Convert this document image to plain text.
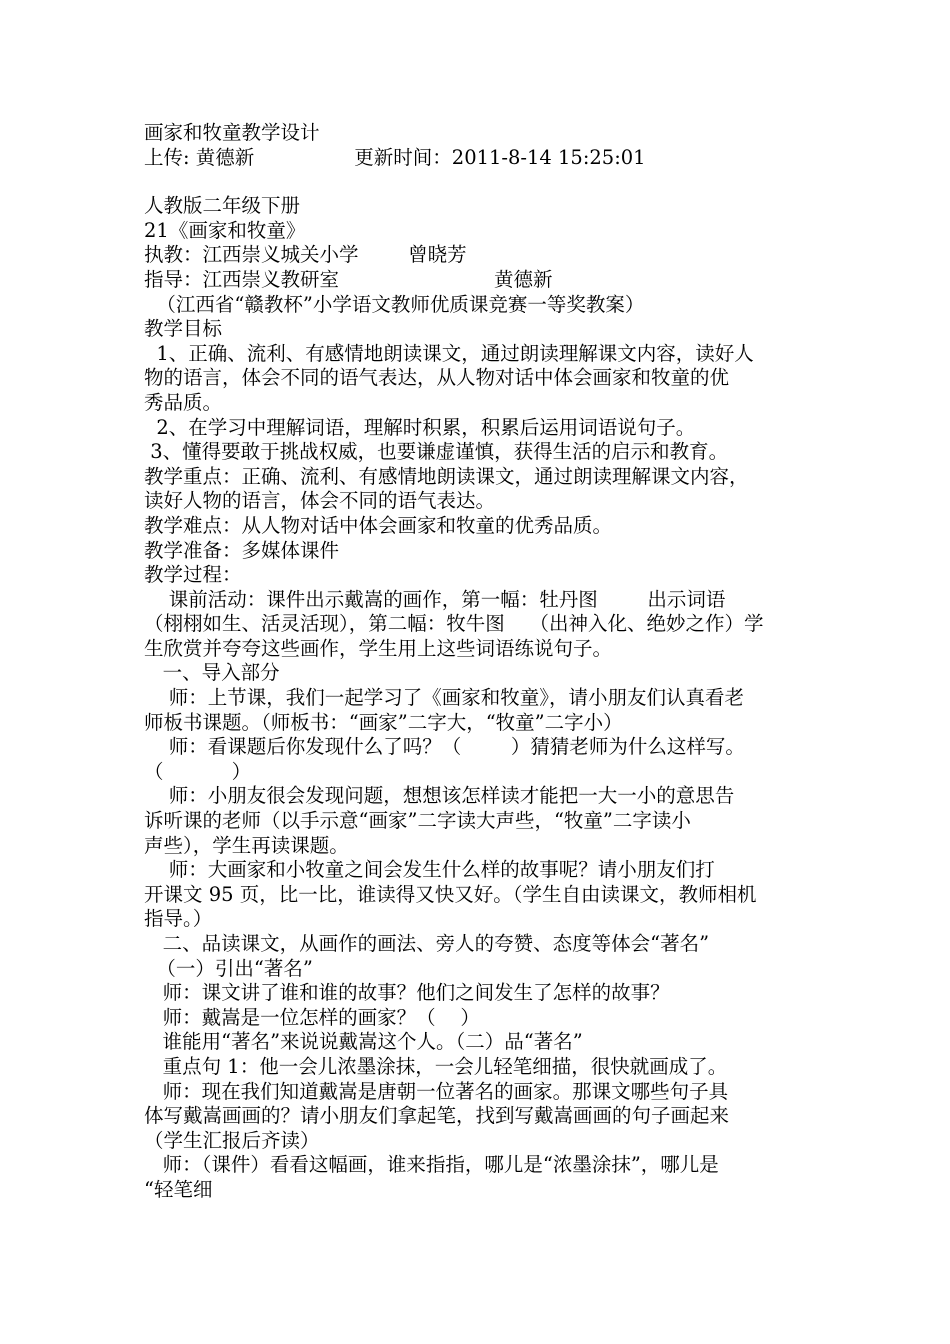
画家和牧童教学设计
上传: 黄德新	更新时间：2011-8-14 15:25:01
人教版二年级下册
21《画家和牧童》
执教：江西崇义城关小学        曾晓芳
指导：江西崇义教研室                         黄德新
（江西省“赣教杯”小学语文教师优质课竞赛一等奖教案）
教学目标
1、正确、流利、有感情地朗读课文，通过朗读理解课文内容，读好人
物的语言，体会不同的语气表达，从人物对话中体会画家和牧童的优
秀品质。
2、在学习中理解词语，理解时积累，积累后运用词语说句子。
3、懂得要敢于挑战权威，也要谦虚谨慎，获得生活的启示和教育。
教学重点：正确、流利、有感情地朗读课文，通过朗读理解课文内容，
读好人物的语言，体会不同的语气表达。
教学难点：从人物对话中体会画家和牧童的优秀品质。
教学准备：多媒体课件
教学过程：
课前活动：课件出示戴嵩的画作，第一幅：牡丹图        出示词语
（栩栩如生、活灵活现），第二幅：牧牛图    （出神入化、绝妙之作）学
生欣赏并夸夸这些画作，学生用上这些词语练说句子。
一、导入部分
师：上节课，我们一起学习了《画家和牧童》，请小朋友们认真看老
师板书课题。（师板书：“画家”二字大，“牧童”二字小）
师：看课题后你发现什么了吗？（        ）猜猜老师为什么这样写。
（           ）
师：小朋友很会发现问题，想想该怎样读才能把一大一小的意思告
诉听课的老师（以手示意“画家”二字读大声些，“牧童”二字读小
声些），学生再读课题。
师：大画家和小牧童之间会发生什么样的故事呢？请小朋友们打
开课文 95 页，比一比，谁读得又快又好。（学生自由读课文，教师相机
指导。）
二、品读课文，从画作的画法、旁人的夸赞、态度等体会“著名”
（一）引出“著名”
师：课文讲了谁和谁的故事？他们之间发生了怎样的故事？
师：戴嵩是一位怎样的画家？（    ）
谁能用“著名”来说说戴嵩这个人。（二）品“著名”
重点句 1：他一会儿浓墨涂抹，一会儿轻笔细描，很快就画成了。
师：现在我们知道戴嵩是唐朝一位著名的画家。那课文哪些句子具
体写戴嵩画画的？请小朋友们拿起笔，找到写戴嵩画画的句子画起来
（学生汇报后齐读）
师：（课件）看看这幅画，谁来指指，哪儿是“浓墨涂抹”，哪儿是
“轻笔细
